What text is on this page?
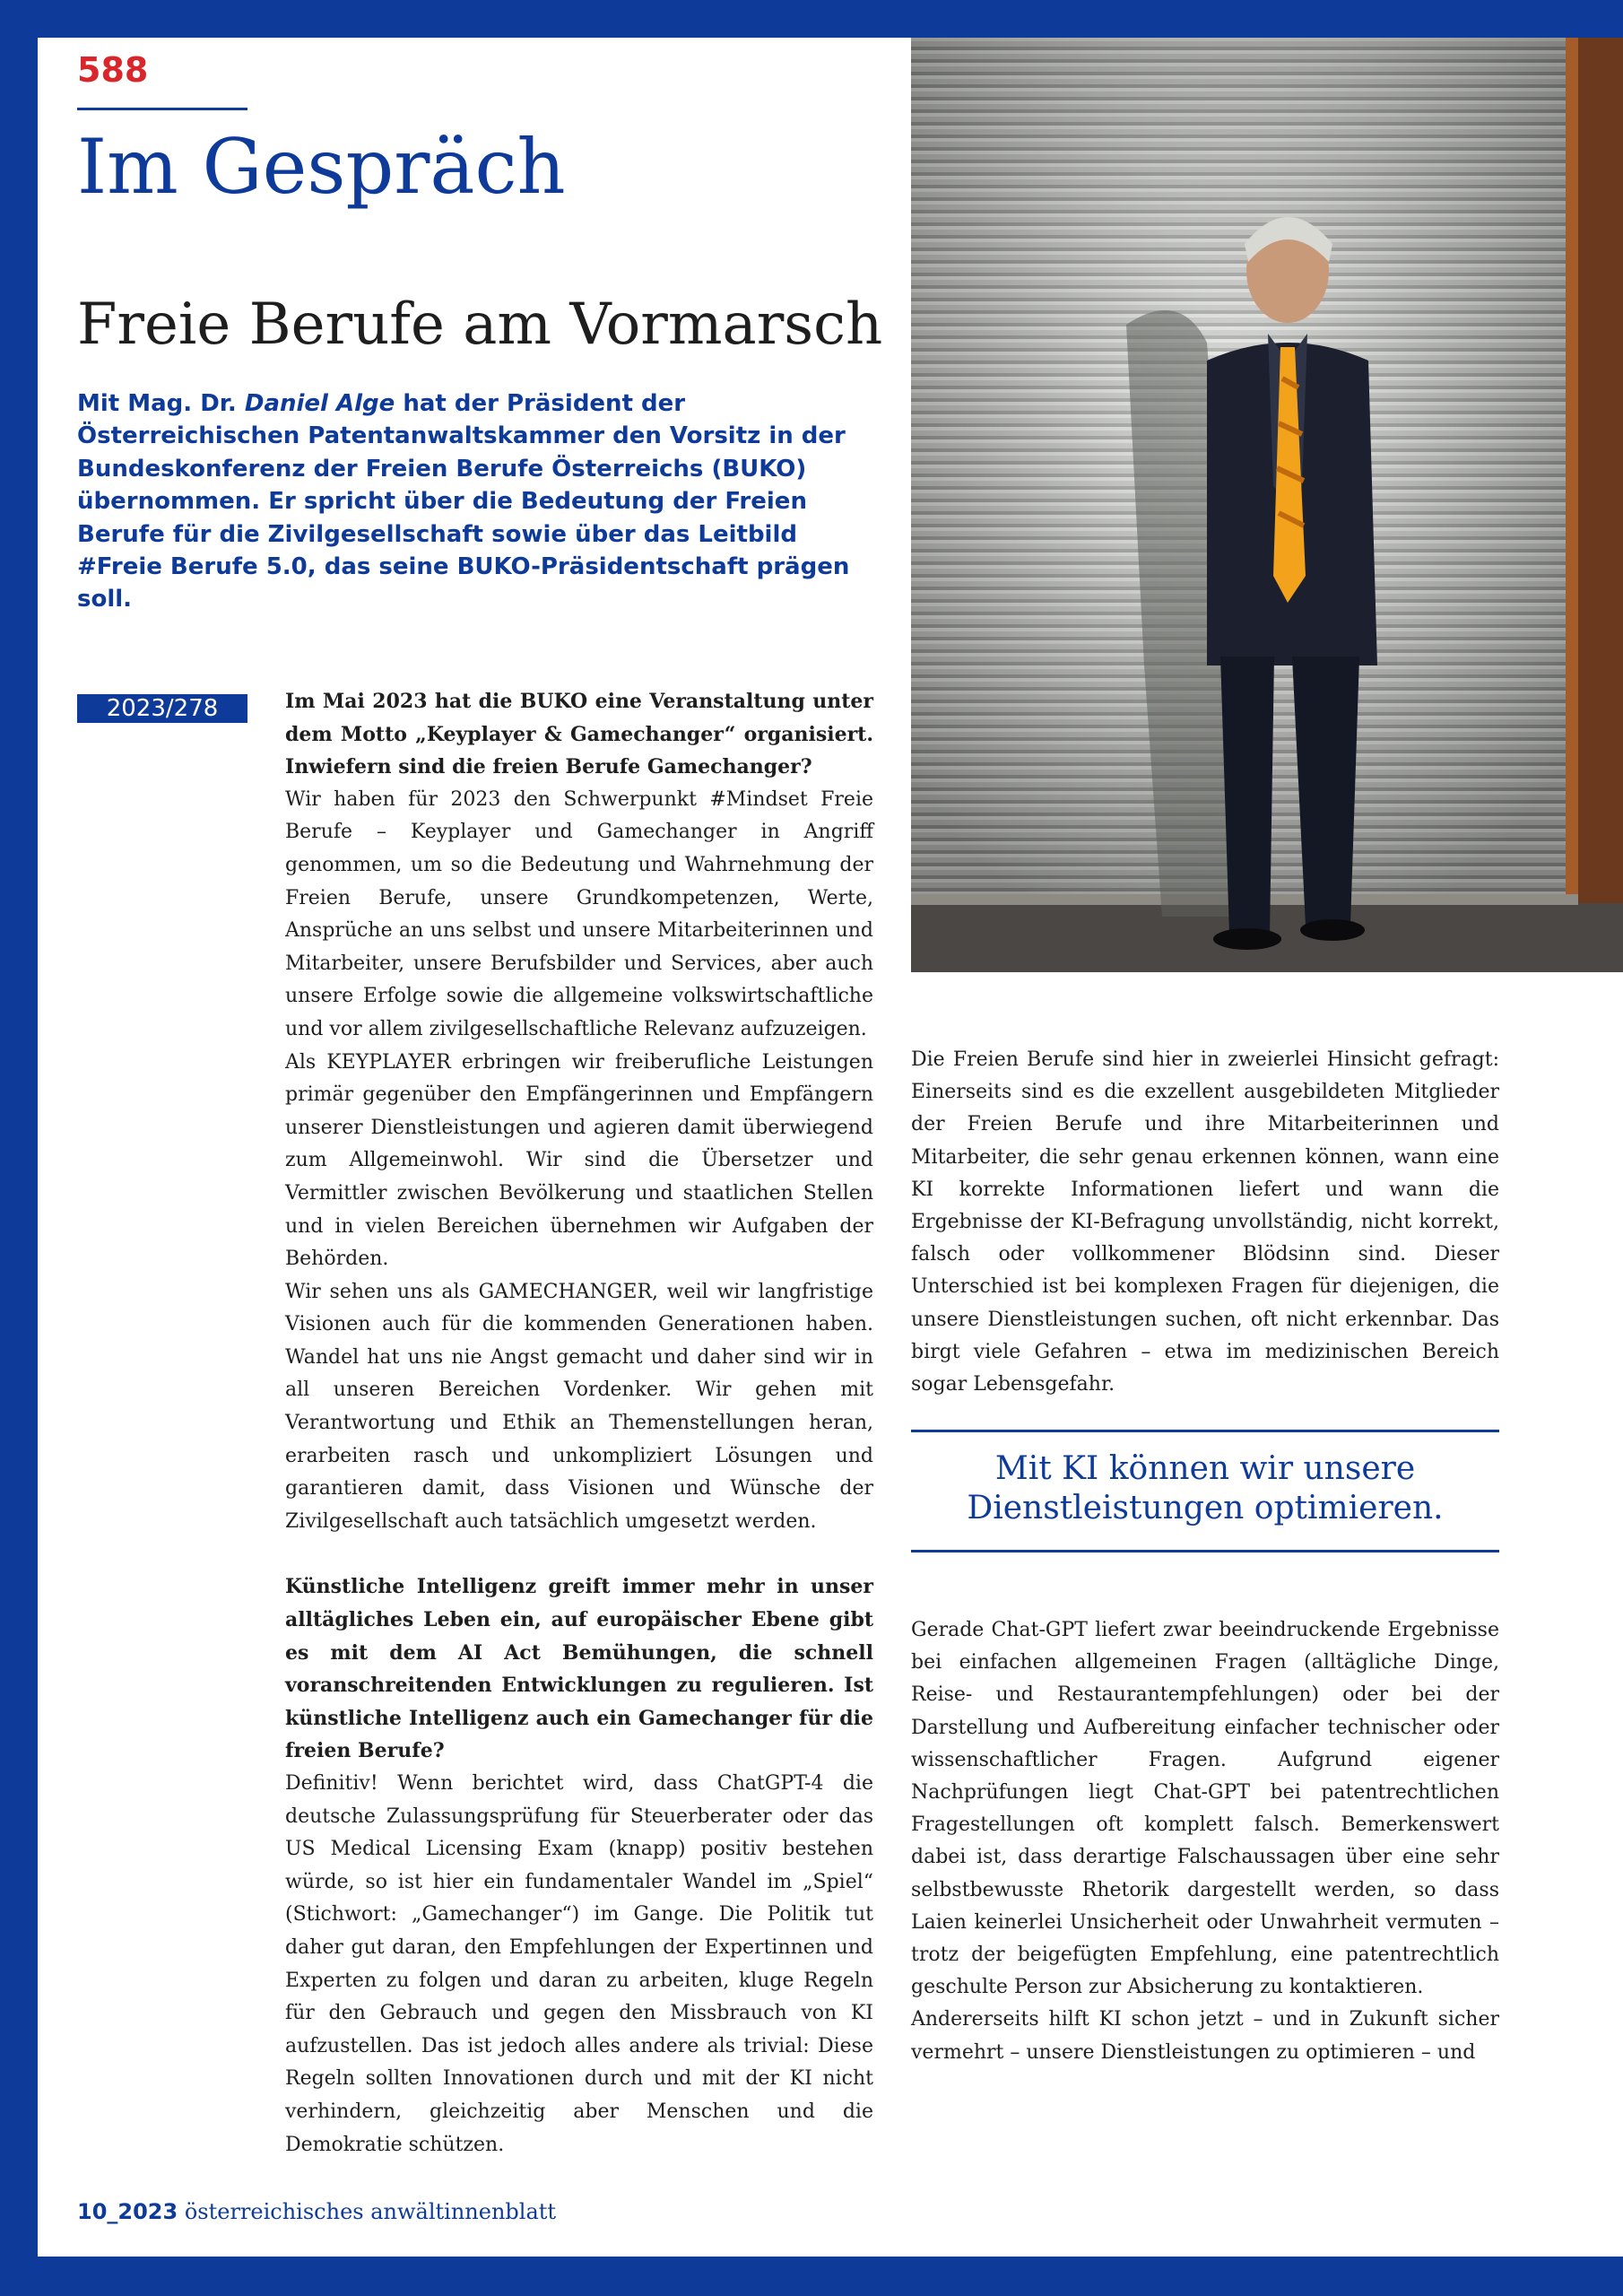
588
Im Gespräch
Freie Berufe am Vormarsch
Mit Mag. Dr. Daniel Alge hat der Präsident der Österreichischen Patentanwaltskammer den Vorsitz in der Bundeskonferenz der Freien Berufe Österreichs (BUKO) übernommen. Er spricht über die Bedeutung der Freien Berufe für die Zivilgesellschaft sowie über das Leitbild #Freie Berufe 5.0, das seine BUKO-Präsidentschaft prägen soll.
2023/278	Im Mai 2023 hat die BUKO eine Veranstaltung unter dem Motto „Keyplayer & Gamechanger“ organisiert. Inwiefern sind die freien Berufe Gamechanger?

Wir haben für 2023 den Schwerpunkt #Mindset Freie Berufe – Keyplayer und Gamechanger in Angriff genommen, um so die Bedeutung und Wahrnehmung der Freien Berufe, unsere Grundkompetenzen, Werte, Ansprüche an uns selbst und unsere Mitarbeiterinnen und Mitarbeiter, unsere Berufsbilder und Services, aber auch unsere Erfolge sowie die allgemeine volkswirtschaftliche und vor allem zivilgesellschaftliche Relevanz aufzuzeigen.

Als KEYPLAYER erbringen wir freiberufliche Leistungen primär gegenüber den Empfängerinnen und Empfängern unserer Dienstleistungen und agieren damit überwiegend zum Allgemeinwohl. Wir sind die Übersetzer und Vermittler zwischen Bevölkerung und staatlichen Stellen und in vielen Bereichen übernehmen wir Aufgaben der Behörden.

Wir sehen uns als GAMECHANGER, weil wir langfristige Visionen auch für die kommenden Generationen haben. Wandel hat uns nie Angst gemacht und daher sind wir in all unseren Bereichen Vordenker. Wir gehen mit Verantwortung und Ethik an Themenstellungen heran, erarbeiten rasch und unkompliziert Lösungen und garantieren damit, dass Visionen und Wünsche der Zivilgesellschaft auch tatsächlich umgesetzt werden.

Künstliche Intelligenz greift immer mehr in unser alltägliches Leben ein, auf europäischer Ebene gibt es mit dem AI Act Bemühungen, die schnell voranschreitenden Entwicklungen zu regulieren. Ist künstliche Intelligenz auch ein Gamechanger für die freien Berufe?

Definitiv! Wenn berichtet wird, dass ChatGPT-4 die deutsche Zulassungsprüfung für Steuerberater oder das US Medical Licensing Exam (knapp) positiv bestehen würde, so ist hier ein fundamentaler Wandel im „Spiel“ (Stichwort: „Gamechanger“) im Gange. Die Politik tut daher gut daran, den Empfehlungen der Expertinnen und Experten zu folgen und daran zu arbeiten, kluge Regeln für den Gebrauch und gegen den Missbrauch von KI aufzustellen. Das ist jedoch alles andere als trivial: Diese Regeln sollten Innovationen durch und mit der KI nicht verhindern, gleichzeitig aber Menschen und die Demokratie schützen.

Die Freien Berufe sind hier in zweierlei Hinsicht gefragt: Einerseits sind es die exzellent ausgebildeten Mitglieder der Freien Berufe und ihre Mitarbeiterinnen und Mitarbeiter, die sehr genau erkennen können, wann eine KI korrekte Informationen liefert und wann die Ergebnisse der KI-Befragung unvollständig, nicht korrekt, falsch oder vollkommener Blödsinn sind. Dieser Unterschied ist bei komplexen Fragen für diejenigen, die unsere Dienstleistungen suchen, oft nicht erkennbar. Das birgt viele Gefahren – etwa im medizinischen Bereich sogar Lebensgefahr.

Mit KI können wir unsere Dienstleistungen optimieren.

Gerade Chat-GPT liefert zwar beeindruckende Ergebnisse bei einfachen allgemeinen Fragen (alltägliche Dinge, Reise- und Restaurantempfehlungen) oder bei der Darstellung und Aufbereitung einfacher technischer oder wissenschaftlicher Fragen. Aufgrund eigener Nachprüfungen liegt Chat-GPT bei patentrechtlichen Fragestellungen oft komplett falsch. Bemerkenswert dabei ist, dass derartige Falschaussagen über eine sehr selbstbewusste Rhetorik dargestellt werden, so dass Laien keinerlei Unsicherheit oder Unwahrheit vermuten – trotz der beigefügten Empfehlung, eine patentrechtlich geschulte Person zur Absicherung zu kontaktieren.

Andererseits hilft KI schon jetzt – und in Zukunft sicher vermehrt – unsere Dienstleistungen zu optimieren – und

10_2023 österreichisches anwältinnenblatt
